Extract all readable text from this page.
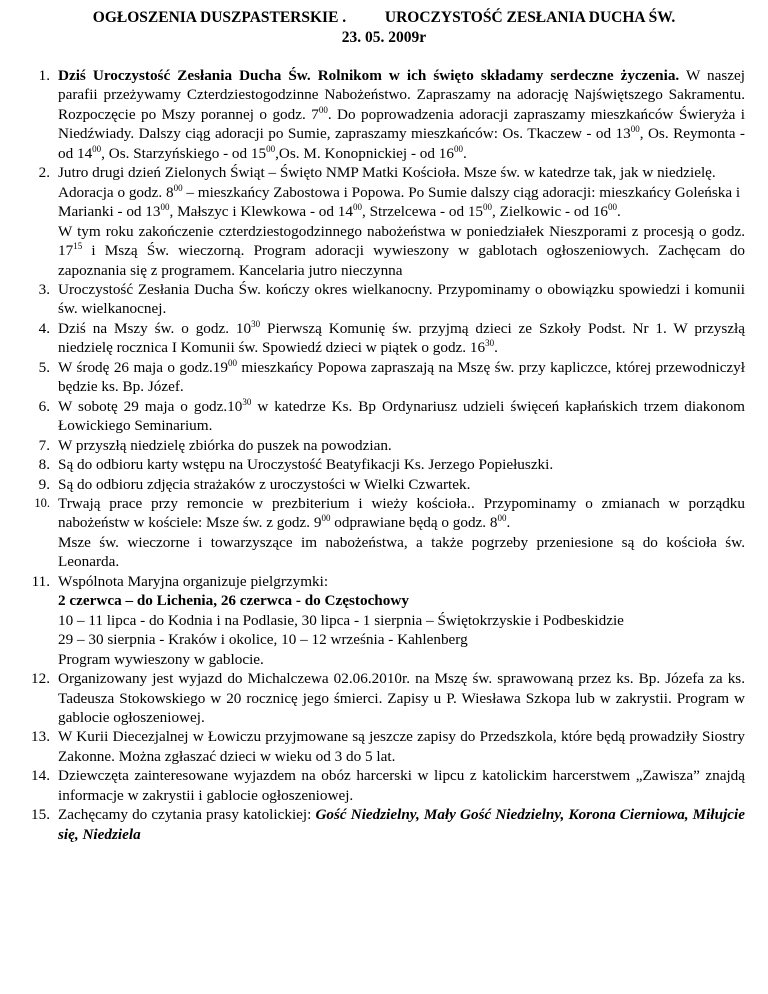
OGŁOSZENIA DUSZPASTERSKIE .	UROCZYSTOŚĆ ZESŁANIA DUCHA ŚW.
23. 05. 2009r
1. Dziś Uroczystość Zesłania Ducha Św. Rolnikom w ich święto składamy serdeczne życzenia. W naszej parafii przeżywamy Czterdziestogodzinne Nabożeństwo. Zapraszamy na adorację Najświętszego Sakramentu. Rozpoczęcie po Mszy porannej o godz. $7^{00}$. Do poprowadzenia adoracji zapraszamy mieszkańców Świeryża i Niedźwiady. Dalszy ciąg adoracji po Sumie, zapraszamy mieszkańców: Os. Tkaczew - od $13^{00}$, Os. Reymonta - od $14^{00}$, Os. Starzyńskiego - od $15^{00},Os$. M. Konopnickiej - od $16^{00}$.
2. Jutro drugi dzień Zielonych Świąt – Święto NMP Matki Kościoła. Msze św. w katedrze tak, jak w niedzielę. Adoracja o godz. $8^{00}$ – mieszkańcy Zabostowa i Popowa. Po Sumie dalszy ciąg adoracji: mieszkańcy Goleńska i Marianki - od $13^{00}$, Małszyc i Klewkowa - od $14^{00}$, Strzelcewa - od $15^{00}$, Zielkowic - od $16^{00}$.
W tym roku zakończenie czterdziestogodzinnego nabożeństwa w poniedziałek Nieszporami z procesją o godz. $17^{15}$ i Mszą Św. wieczorną. Program adoracji wywieszony w gablotach ogłoszeniowych. Zachęcam do zapoznania się z programem. Kancelaria jutro nieczynna
3. Uroczystość Zesłania Ducha Św. kończy okres wielkanocny. Przypominamy o obowiązku spowiedzi i komunii św. wielkanocnej.
4. Dziś na Mszy św. o godz. $10^{30}$ Pierwszą Komunię św. przyjmą dzieci ze Szkoły Podst. Nr 1. W przyszłą niedzielę rocznica I Komunii św. Spowiedź dzieci w piątek o godz. $16^{30}$.
5. W środę 26 maja o $godz.19^{00}$ mieszkańcy Popowa zapraszają na Mszę św. przy kapliczce, której przewodniczył będzie ks. Bp. Józef.
6. W sobotę 29 maja o $godz.10^{30}$ w katedrze Ks. Bp Ordynariusz udzieli święceń kapłańskich trzem diakonom Łowickiego Seminarium.
7. W przyszłą niedzielę zbiórka do puszek na powodzian.
8. Są do odbioru karty wstępu na Uroczystość Beatyfikacji Ks. Jerzego Popiełuszki.
9. Są do odbioru zdjęcia strażaków z uroczystości w Wielki Czwartek.
10. Trwają prace przy remoncie w prezbiterium i wieży kościoła.. Przypominamy o zmianach w porządku nabożeństw w kościele: Msze św. z godz. $9^{00}$ odprawiane będą o godz. $8^{00}$.
Msze św. wieczorne i towarzyszące im nabożeństwa, a także pogrzeby przeniesione są do kościoła św. Leonarda.
11. Wspólnota Maryjna organizuje pielgrzymki:
2 czerwca – do Lichenia, 26 czerwca - do Częstochowy
10 – 11 lipca - do Kodnia i na Podlasie, 30 lipca - 1 sierpnia – Świętokrzyskie i Podbeskidzie
29 – 30 sierpnia - Kraków i okolice, 10 – 12 września - Kahlenberg
Program wywieszony w gablocie.
12. Organizowany jest wyjazd do Michalczewa 02.06.2010r. na Mszę św. sprawowaną przez ks. Bp. Józefa za ks. Tadeusza Stokowskiego w 20 rocznicę jego śmierci. Zapisy u P. Wiesława Szkopa lub w zakrystii. Program w gablocie ogłoszeniowej.
13. W Kurii Diecezjalnej w Łowiczu przyjmowane są jeszcze zapisy do Przedszkola, które będą prowadziły Siostry Zakonne. Można zgłaszać dzieci w wieku od 3 do 5 lat.
14. Dziewczęta zainteresowane wyjazdem na obóz harcerski w lipcu z katolickim harcerstwem „Zawisza” znajdą informacje w zakrystii i gablocie ogłoszeniowej.
15. Zachęcamy do czytania prasy katolickiej: Gość Niedzielny, Mały Gość Niedzielny, Korona Cierniowa, Miłujcie się, Niedziela
